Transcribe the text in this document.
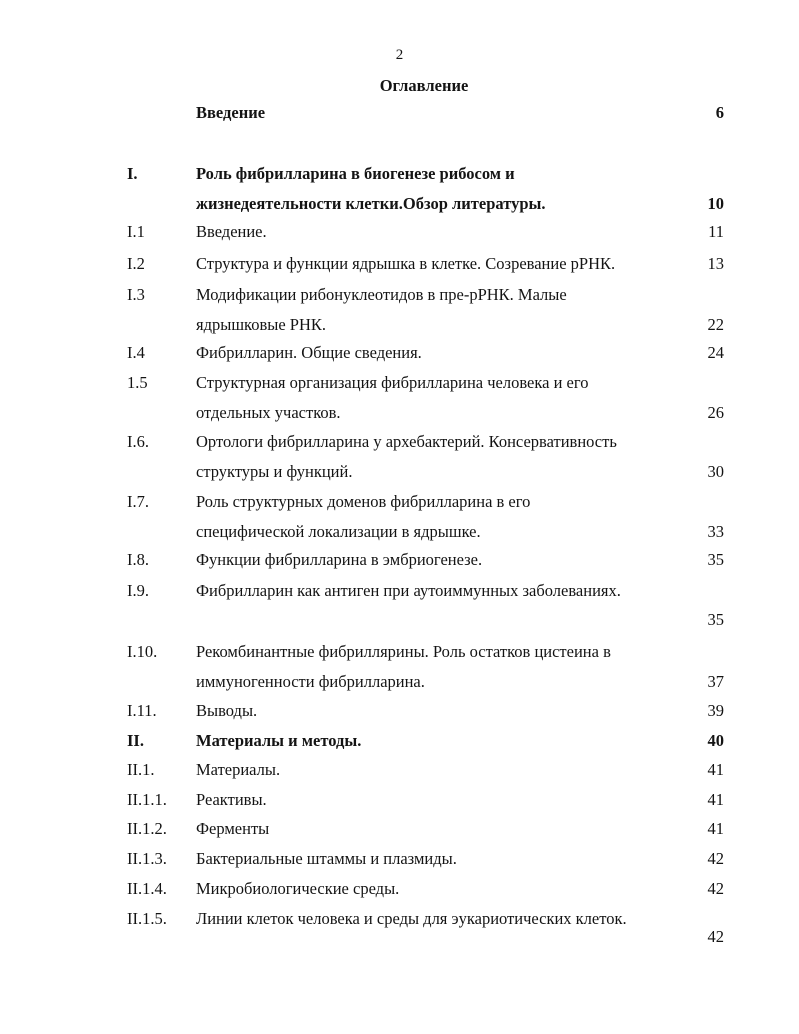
2
Оглавление
Введение	6
I.	Роль фибрилларина в биогенезе рибосом и
жизнедеятельности клетки.Обзор литературы.	10
I.1	Введение.	11
I.2	Структура и функции ядрышка в клетке. Созревание рРНК.	13
I.3	Модификации рибонуклеотидов в пре-рРНК. Малые
ядрышковые РНК.	22
I.4	Фибрилларин. Общие сведения.	24
1.5	Структурная организация фибрилларина человека и его
отдельных участков.	26
I.6.	Ортологи фибрилларина у архебактерий. Консервативность
структуры и функций.	30
I.7.	Роль структурных доменов фибрилларина в его
специфической локализации в ядрышке.	33
I.8.	Функции фибрилларина в эмбриогенезе.	35
I.9.	Фибрилларин как антиген при аутоиммунных заболеваниях.
35
I.10. Рекомбинантные фибриллярины. Роль остатков цистеина в
иммуногенности фибрилларина.	37
I.11. Выводы.	39
II.	Материалы и методы.	40
II.1.	Материалы.	41
II.1.1. Реактивы.	41
II.1.2. Ферменты	41
II.1.3. Бактериальные штаммы и плазмиды.	42
II.1.4. Микробиологические среды.	42
II.1.5. Линии клеток человека и среды для эукариотических клеток.
42
